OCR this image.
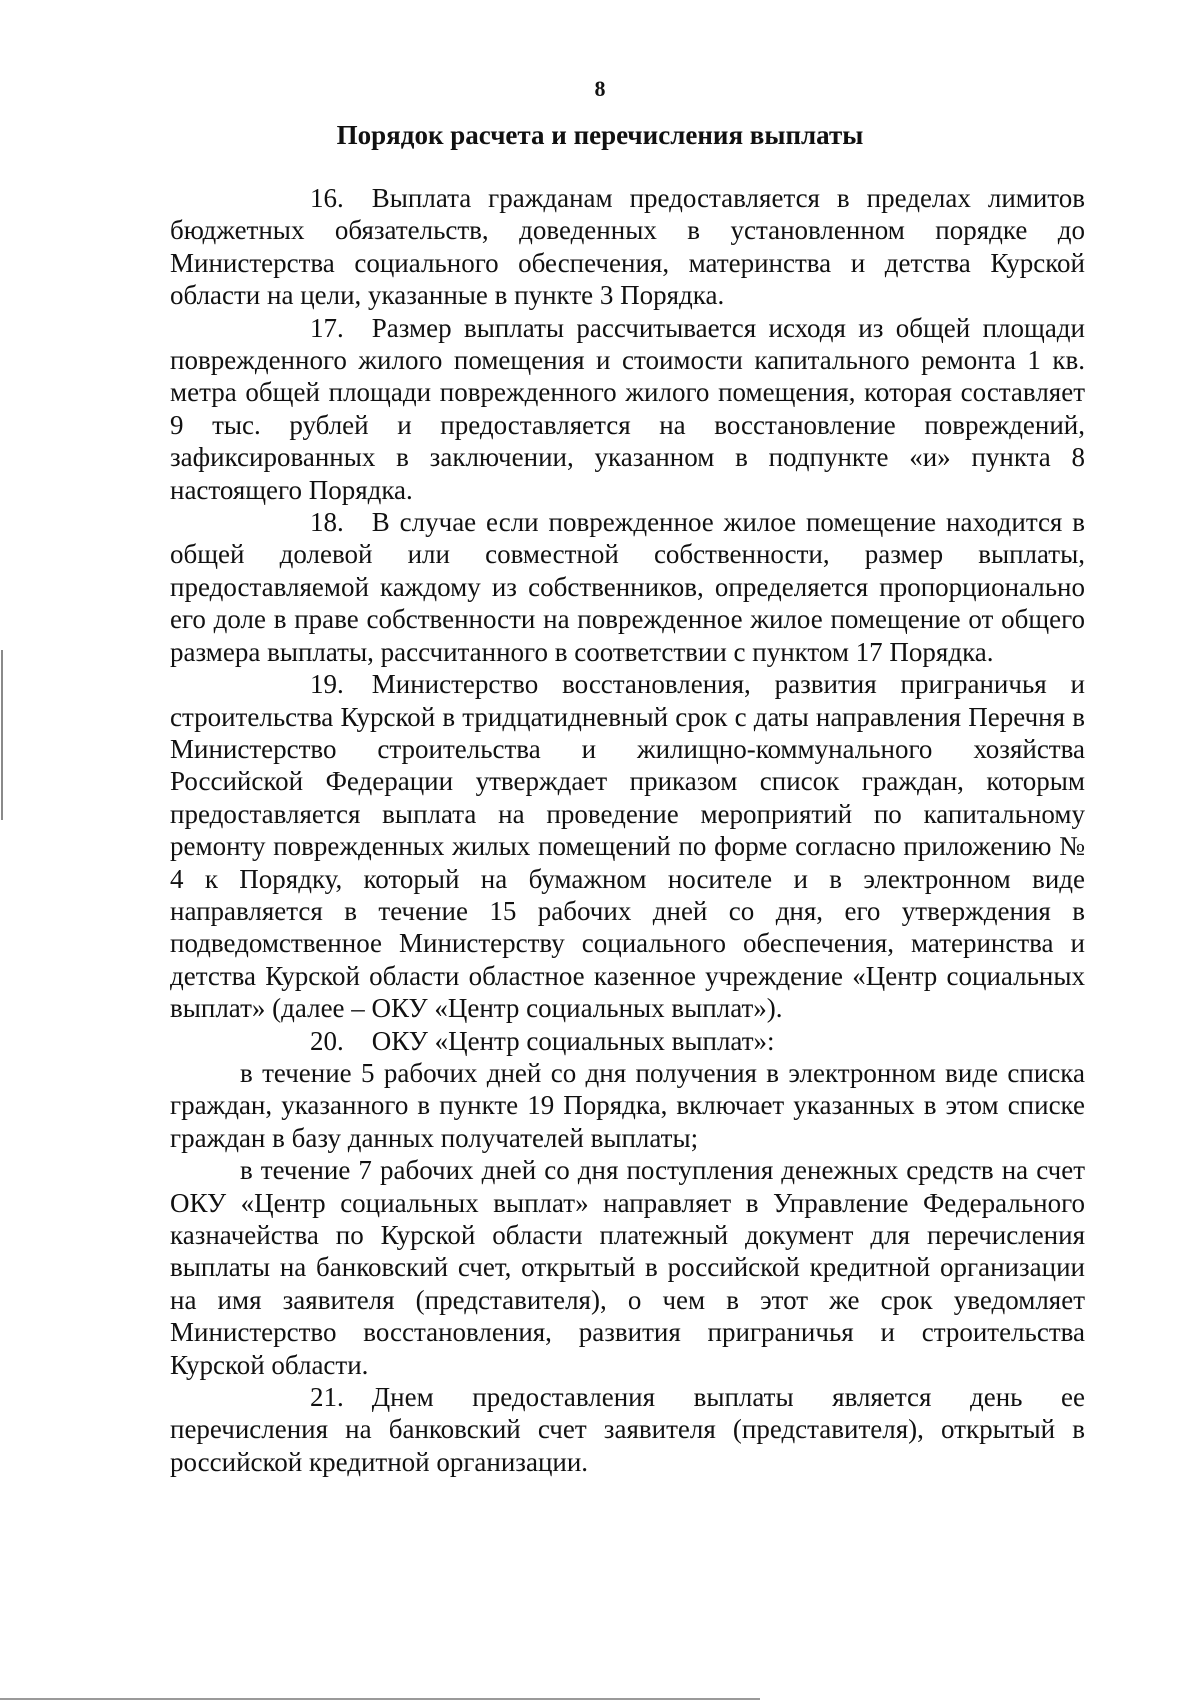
8
Порядок расчета и перечисления выплаты

16. Выплата гражданам предоставляется в пределах лимитов бюджетных обязательств, доведенных в установленном порядке до Министерства социального обеспечения, материнства и детства Курской области на цели, указанные в пункте 3 Порядка.

17. Размер выплаты рассчитывается исходя из общей площади поврежденного жилого помещения и стоимости капитального ремонта 1 кв. метра общей площади поврежденного жилого помещения, которая составляет 9 тыс. рублей и предоставляется на восстановление повреждений, зафиксированных в заключении, указанном в подпункте «и» пункта 8 настоящего Порядка.

18. В случае если поврежденное жилое помещение находится в общей долевой или совместной собственности, размер выплаты, предоставляемой каждому из собственников, определяется пропорционально его доле в праве собственности на поврежденное жилое помещение от общего размера выплаты, рассчитанного в соответствии с пунктом 17 Порядка.

19. Министерство восстановления, развития приграничья и строительства Курской в тридцатидневный срок с даты направления Перечня в Министерство строительства и жилищно-коммунального хозяйства Российской Федерации утверждает приказом список граждан, которым предоставляется выплата на проведение мероприятий по капитальному ремонту поврежденных жилых помещений по форме согласно приложению № 4 к Порядку, который на бумажном носителе и в электронном виде направляется в течение 15 рабочих дней со дня, его утверждения в подведомственное Министерству социального обеспечения, материнства и детства Курской области областное казенное учреждение «Центр социальных выплат» (далее – ОКУ «Центр социальных выплат»).

20. ОКУ «Центр социальных выплат»:

в течение 5 рабочих дней со дня получения в электронном виде списка граждан, указанного в пункте 19 Порядка, включает указанных в этом списке граждан в базу данных получателей выплаты;

в течение 7 рабочих дней со дня поступления денежных средств на счет ОКУ «Центр социальных выплат» направляет в Управление Федерального казначейства по Курской области платежный документ для перечисления выплаты на банковский счет, открытый в российской кредитной организации на имя заявителя (представителя), о чем в этот же срок уведомляет Министерство восстановления, развития приграничья и строительства Курской области.

21. Днем предоставления выплаты является день ее перечисления на банковский счет заявителя (представителя), открытый в российской кредитной организации.
